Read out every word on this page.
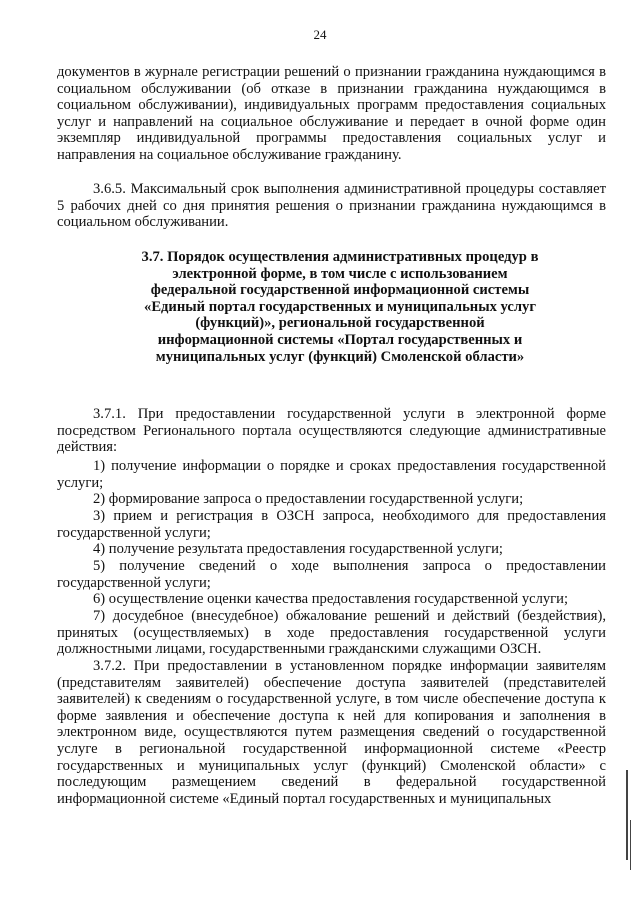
24

документов в журнале регистрации решений о признании гражданина нуждающимся в социальном обслуживании (об отказе в признании гражданина нуждающимся в социальном обслуживании), индивидуальных программ предоставления социальных услуг и направлений на социальное обслуживание и передает в очной форме один экземпляр индивидуальной программы предоставления социальных услуг и направления на социальное обслуживание гражданину.

3.6.5. Максимальный срок выполнения административной процедуры составляет 5 рабочих дней со дня принятия решения о признании гражданина нуждающимся в социальном обслуживании.

3.7. Порядок осуществления административных процедур в электронной форме, в том числе с использованием федеральной государственной информационной системы «Единый портал государственных и муниципальных услуг (функций)», региональной государственной информационной системы «Портал государственных и муниципальных услуг (функций) Смоленской области»

3.7.1. При предоставлении государственной услуги в электронной форме посредством Регионального портала осуществляются следующие административные действия:

1) получение информации о порядке и сроках предоставления государственной услуги;

2) формирование запроса о предоставлении государственной услуги;

3) прием и регистрация в ОЗСН запроса, необходимого для предоставления государственной услуги;

4) получение результата предоставления государственной услуги;

5) получение сведений о ходе выполнения запроса о предоставлении государственной услуги;

6) осуществление оценки качества предоставления государственной услуги;

7) досудебное (внесудебное) обжалование решений и действий (бездействия), принятых (осуществляемых) в ходе предоставления государственной услуги должностными лицами, государственными гражданскими служащими ОЗСН.

3.7.2. При предоставлении в установленном порядке информации заявителям (представителям заявителей) обеспечение доступа заявителей (представителей заявителей) к сведениям о государственной услуге, в том числе обеспечение доступа к форме заявления и обеспечение доступа к ней для копирования и заполнения в электронном виде, осуществляются путем размещения сведений о государственной услуге в региональной государственной информационной системе «Реестр государственных и муниципальных услуг (функций) Смоленской области» с последующим размещением сведений в федеральной государственной информационной системе «Единый портал государственных и муниципальных
